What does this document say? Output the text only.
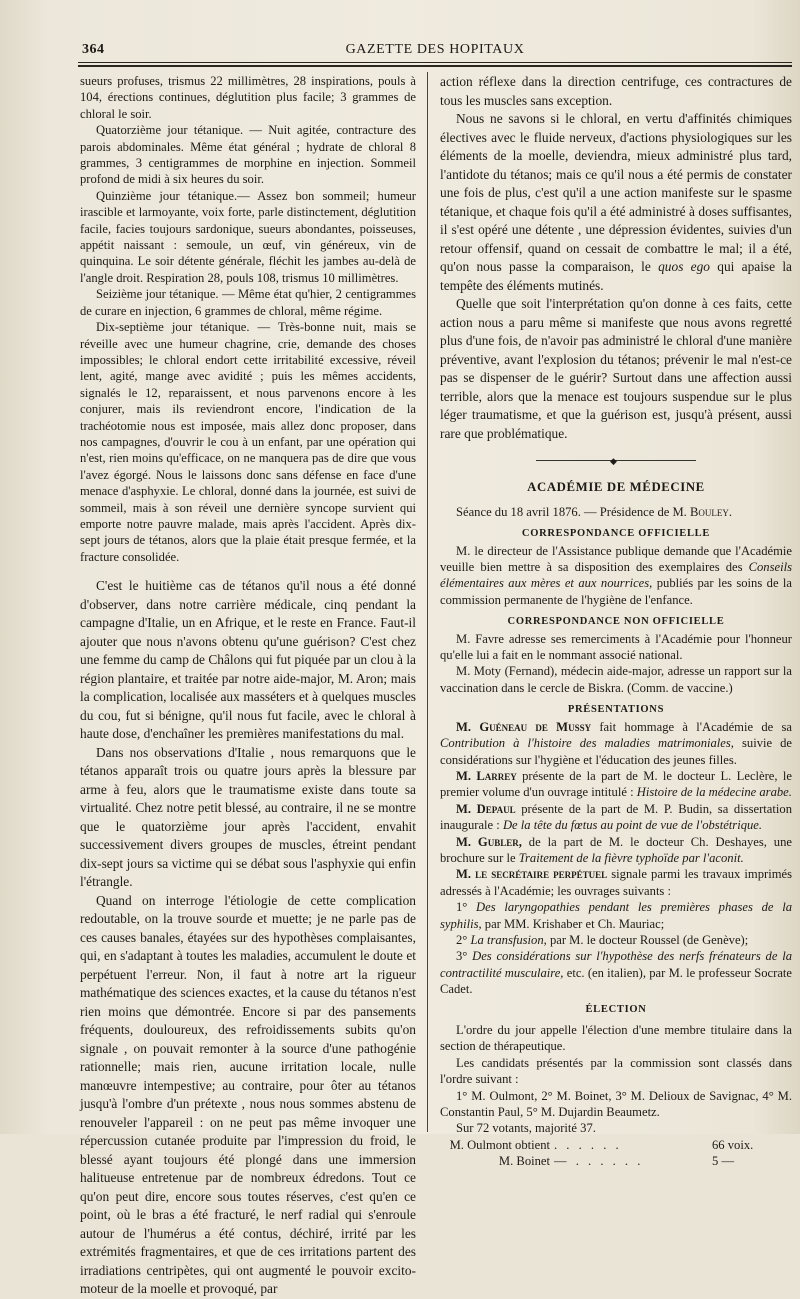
364	GAZETTE DES HOPITAUX

sueurs profuses, trismus 22 millimètres, 28 inspirations, pouls à 104, érections continues, déglutition plus facile; 3 grammes de chloral le soir.

Quatorzième jour tétanique. — Nuit agitée, contracture des parois abdominales. Même état général ; hydrate de chloral 8 grammes, 3 centigrammes de morphine en injection. Sommeil profond de midi à six heures du soir.

Quinzième jour tétanique.— Assez bon sommeil; humeur irascible et larmoyante, voix forte, parle distinctement, déglutition facile, facies toujours sardonique, sueurs abondantes, poisseuses, appétit naissant : semoule, un œuf, vin généreux, vin de quinquina. Le soir détente générale, fléchit les jambes au-delà de l'angle droit. Respiration 28, pouls 108, trismus 10 millimètres.

Seizième jour tétanique. — Même état qu'hier, 2 centigrammes de curare en injection, 6 grammes de chloral, même régime.

Dix-septième jour tétanique. — Très-bonne nuit, mais se réveille avec une humeur chagrine, crie, demande des choses impossibles; le chloral endort cette irritabilité excessive, réveil lent, agité, mange avec avidité ; puis les mêmes accidents, signalés le 12, reparaissent, et nous parvenons encore à les conjurer, mais ils reviendront encore, l'indication de la trachéotomie nous est imposée, mais allez donc proposer, dans nos campagnes, d'ouvrir le cou à un enfant, par une opération qui n'est, rien moins qu'efficace, on ne manquera pas de dire que vous l'avez égorgé. Nous le laissons donc sans défense en face d'une menace d'asphyxie. Le chloral, donné dans la journée, est suivi de sommeil, mais à son réveil une dernière syncope survient qui emporte notre pauvre malade, mais après l'accident. Après dix-sept jours de tétanos, alors que la plaie était presque fermée, et la fracture consolidée.

C'est le huitième cas de tétanos qu'il nous a été donné d'observer, dans notre carrière médicale, cinq pendant la campagne d'Italie, un en Afrique, et le reste en France. Faut-il ajouter que nous n'avons obtenu qu'une guérison? C'est chez une femme du camp de Châlons qui fut piquée par un clou à la région plantaire, et traitée par notre aide-major, M. Aron; mais la complication, localisée aux masséters et à quelques muscles du cou, fut si bénigne, qu'il nous fut facile, avec le chloral à haute dose, d'enchaîner les premières manifestations du mal.

Dans nos observations d'Italie , nous remarquons que le tétanos apparaît trois ou quatre jours après la blessure par arme à feu, alors que le traumatisme existe dans toute sa virtualité. Chez notre petit blessé, au contraire, il ne se montre que le quatorzième jour après l'accident, envahit successivement divers groupes de muscles, étreint pendant dix-sept jours sa victime qui se débat sous l'asphyxie qui enfin l'étrangle.

Quand on interroge l'étiologie de cette complication redoutable, on la trouve sourde et muette; je ne parle pas de ces causes banales, étayées sur des hypothèses complaisantes, qui, en s'adaptant à toutes les maladies, accumulent le doute et perpétuent l'erreur. Non, il faut à notre art la rigueur mathématique des sciences exactes, et la cause du tétanos n'est rien moins que démontrée. Encore si par des pansements fréquents, douloureux, des refroidissements subits qu'on signale , on pouvait remonter à la source d'une pathogénie rationnelle; mais rien, aucune irritation locale, nulle manœuvre intempestive; au contraire, pour ôter au tétanos jusqu'à l'ombre d'un prétexte , nous nous sommes abstenu de renouveler l'appareil : on ne peut pas même invoquer une répercussion cutanée produite par l'impression du froid, le blessé ayant toujours été plongé dans une immersion halitueuse entretenue par de nombreux édredons. Tout ce qu'on peut dire, encore sous toutes réserves, c'est qu'en ce point, où le bras a été fracturé, le nerf radial qui s'enroule autour de l'humérus a été contus, déchiré, irrité par les extrémités fragmentaires, et que de ces irritations partent des irradiations centripètes, qui ont augmenté le pouvoir excito-moteur de la moelle et provoqué, par

action réflexe dans la direction centrifuge, ces contractures de tous les muscles sans exception.

Nous ne savons si le chloral, en vertu d'affinités chimiques électives avec le fluide nerveux, d'actions physiologiques sur les éléments de la moelle, deviendra, mieux administré plus tard, l'antidote du tétanos; mais ce qu'il nous a été permis de constater une fois de plus, c'est qu'il a une action manifeste sur le spasme tétanique, et chaque fois qu'il a été administré à doses suffisantes, il s'est opéré une détente , une dépression évidentes, suivies d'un retour offensif, quand on cessait de combattre le mal; il a été, qu'on nous passe la comparaison, le quos ego qui apaise la tempête des éléments mutinés.

Quelle que soit l'interprétation qu'on donne à ces faits, cette action nous a paru même si manifeste que nous avons regretté plus d'une fois, de n'avoir pas administré le chloral d'une manière préventive, avant l'explosion du tétanos; prévenir le mal n'est-ce pas se dispenser de le guérir? Surtout dans une affection aussi terrible, alors que la menace est toujours suspendue sur le plus léger traumatisme, et que la guérison est, jusqu'à présent, aussi rare que problématique.

◆

ACADÉMIE DE MÉDECINE

Séance du 18 avril 1876. — Présidence de M. Bouley.

CORRESPONDANCE OFFICIELLE

M. le directeur de l'Assistance publique demande que l'Académie veuille bien mettre à sa disposition des exemplaires des Conseils élémentaires aux mères et aux nourrices, publiés par les soins de la commission permanente de l'hygiène de l'enfance.

CORRESPONDANCE NON OFFICIELLE

M. Favre adresse ses remerciments à l'Académie pour l'honneur qu'elle lui a fait en le nommant associé national.

M. Moty (Fernand), médecin aide-major, adresse un rapport sur la vaccination dans le cercle de Biskra. (Comm. de vaccine.)

PRÉSENTATIONS

M. Guéneau de Mussy fait hommage à l'Académie de sa Contribution à l'histoire des maladies matrimoniales, suivie de considérations sur l'hygiène et l'éducation des jeunes filles.

M. Larrey présente de la part de M. le docteur L. Leclère, le premier volume d'un ouvrage intitulé : Histoire de la médecine arabe.

M. Depaul présente de la part de M. P. Budin, sa dissertation inaugurale : De la tête du fœtus au point de vue de l'obstétrique.

M. Gubler, de la part de M. le docteur Ch. Deshayes, une brochure sur le Traitement de la fièvre typhoïde par l'aconit.

M. le secrétaire perpétuel signale parmi les travaux imprimés adressés à l'Académie; les ouvrages suivants :

1° Des laryngopathies pendant les premières phases de la syphilis, par MM. Krishaber et Ch. Mauriac;

2° La transfusion, par M. le docteur Roussel (de Genève);

3° Des considérations sur l'hypothèse des nerfs frénateurs de la contractilité musculaire, etc. (en italien), par M. le professeur Socrate Cadet.

ÉLECTION

L'ordre du jour appelle l'élection d'une membre titulaire dans la section de thérapeutique.

Les candidats présentés par la commission sont classés dans l'ordre suivant :

1° M. Oulmont, 2° M. Boinet, 3° M. Delioux de Savignac, 4° M. Constantin Paul, 5° M. Dujardin Beaumetz.

Sur 72 votants, majorité 37.

M. Oulmont obtient . . . . . .	66 voix.
M. Boinet — . . . . . .	5 —
